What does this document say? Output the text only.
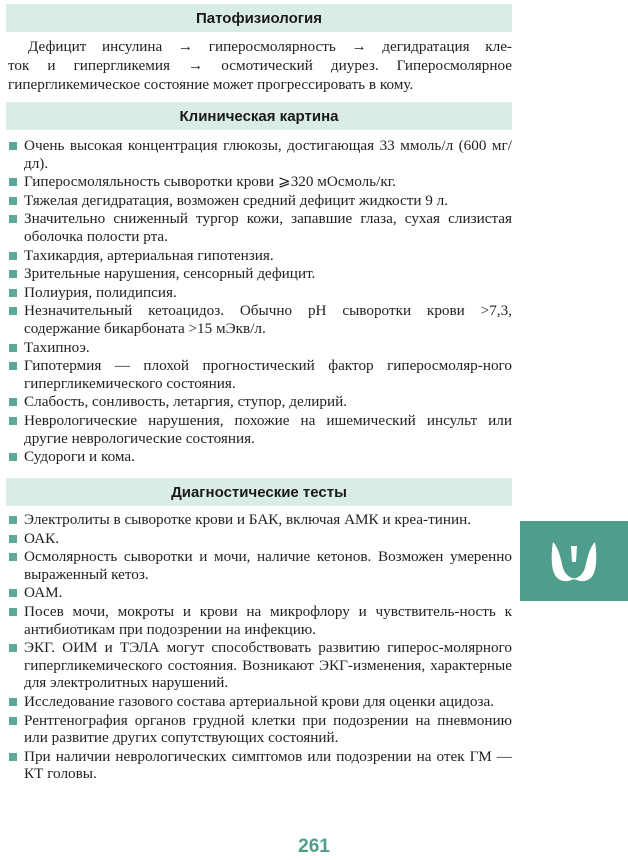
Патофизиология
Дефицит инсулина → гиперосмолярность → дегидратация кле-
ток и гипергликемия → осмотический диурез. Гиперосмолярное гипергликемическое состояние может прогрессировать в кому.
Клиническая картина
Очень высокая концентрация глюкозы, достигающая 33 ммоль/л (600 мг/дл).
Гиперосмоляльность сыворотки крови ⩾320 мОсмоль/кг.
Тяжелая дегидратация, возможен средний дефицит жидкости 9 л.
Значительно сниженный тургор кожи, запавшие глаза, сухая слизистая оболочка полости рта.
Тахикардия, артериальная гипотензия.
Зрительные нарушения, сенсорный дефицит.
Полиурия, полидипсия.
Незначительный кетоацидоз. Обычно pH сыворотки крови >7,3, содержание бикарбоната >15 мЭкв/л.
Тахипноэ.
Гипотермия — плохой прогностический фактор гиперосмоляр-ного гипергликемического состояния.
Слабость, сонливость, летаргия, ступор, делирий.
Неврологические нарушения, похожие на ишемический инсульт или другие неврологические состояния.
Судороги и кома.
Диагностические тесты
Электролиты в сыворотке крови и БАК, включая АМК и креа-тинин.
ОАК.
Осмолярность сыворотки и мочи, наличие кетонов. Возможен умеренно выраженный кетоз.
ОАМ.
Посев мочи, мокроты и крови на микрофлору и чувствитель-ность к антибиотикам при подозрении на инфекцию.
ЭКГ. ОИМ и ТЭЛА могут способствовать развитию гиперос-молярного гипергликемического состояния. Возникают ЭКГ-изменения, характерные для электролитных нарушений.
Исследование газового состава артериальной крови для оценки ацидоза.
Рентгенография органов грудной клетки при подозрении на пневмонию или развитие других сопутствующих состояний.
При наличии неврологических симптомов или подозрении на отек ГМ — КТ головы.
261
